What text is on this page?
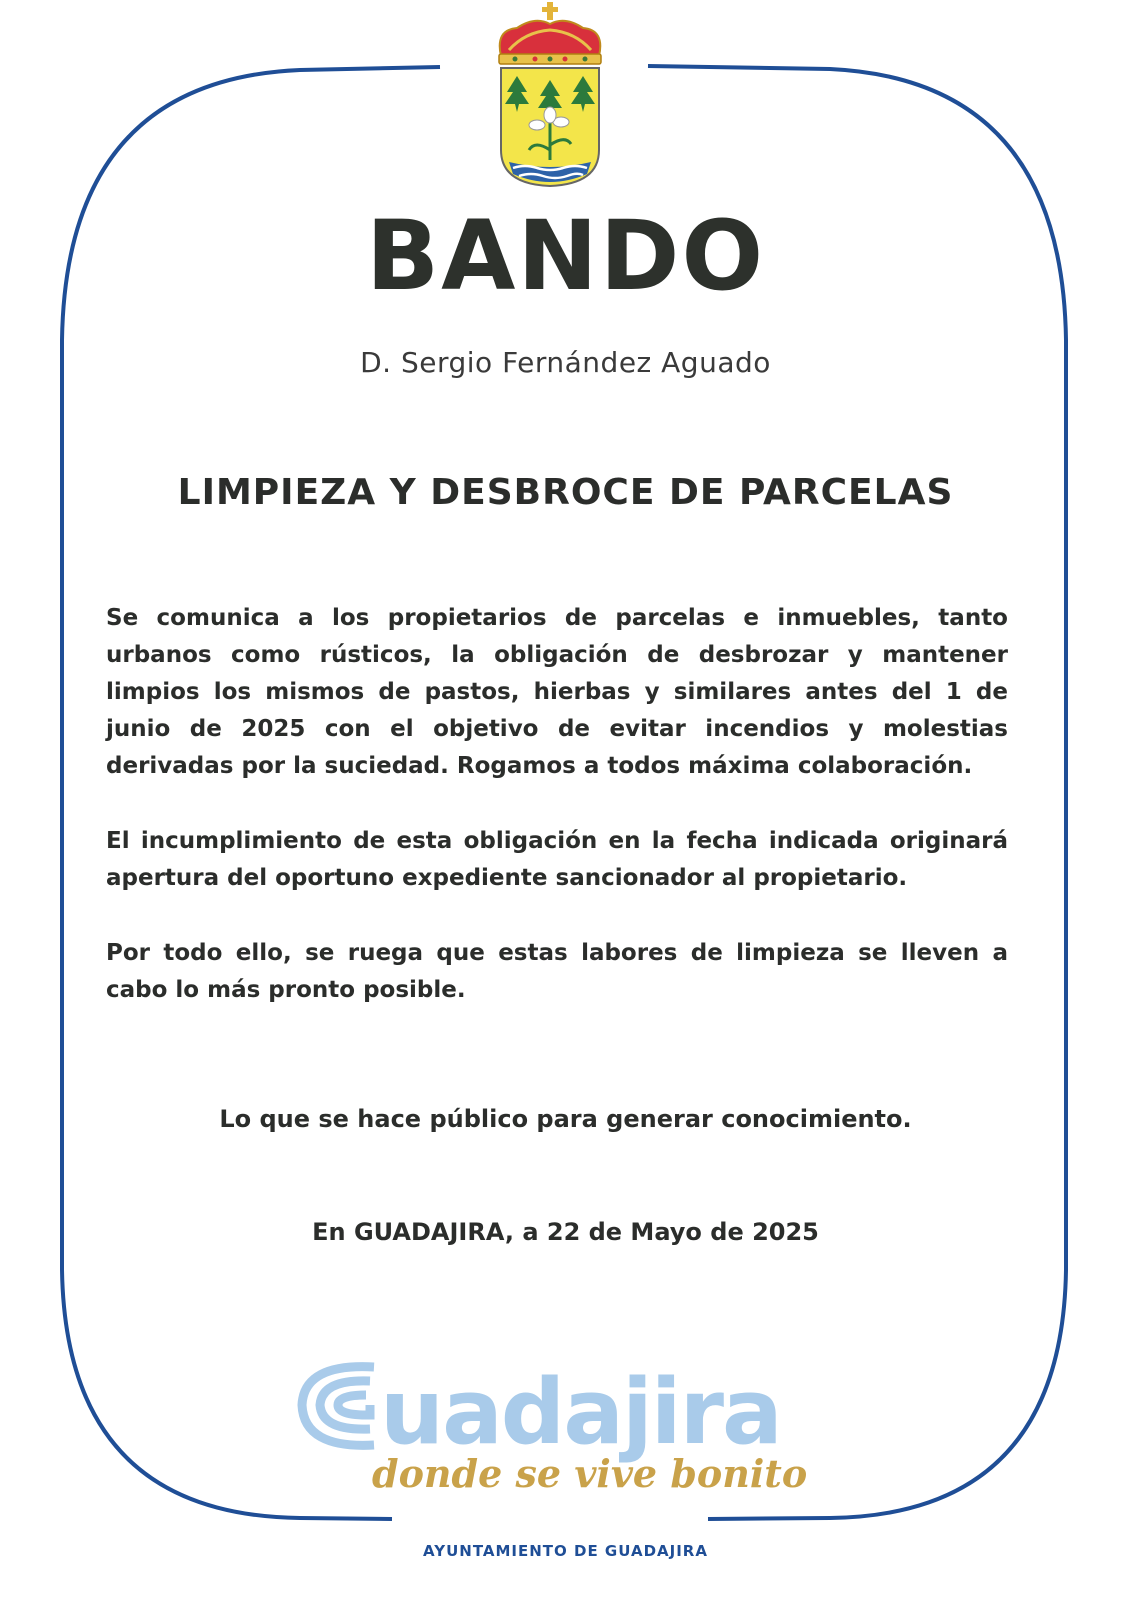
BANDO
D. Sergio Fernández Aguado
LIMPIEZA Y DESBROCE DE PARCELAS

Se comunica a los propietarios de parcelas e inmuebles, tanto urbanos como rústicos, la obligación de desbrozar y mantener limpios los mismos de pastos, hierbas y similares antes del 1 de junio de 2025 con el objetivo de evitar incendios y molestias derivadas por la suciedad. Rogamos a todos máxima colaboración.

El incumplimiento de esta obligación en la fecha indicada originará apertura del oportuno expediente sancionador al propietario.

Por todo ello, se ruega que estas labores de limpieza se lleven a cabo lo más pronto posible.

Lo que se hace público para generar conocimiento.
En GUADAJIRA, a 22 de Mayo de 2025
uadajira
donde se vive bonito
AYUNTAMIENTO DE GUADAJIRA
